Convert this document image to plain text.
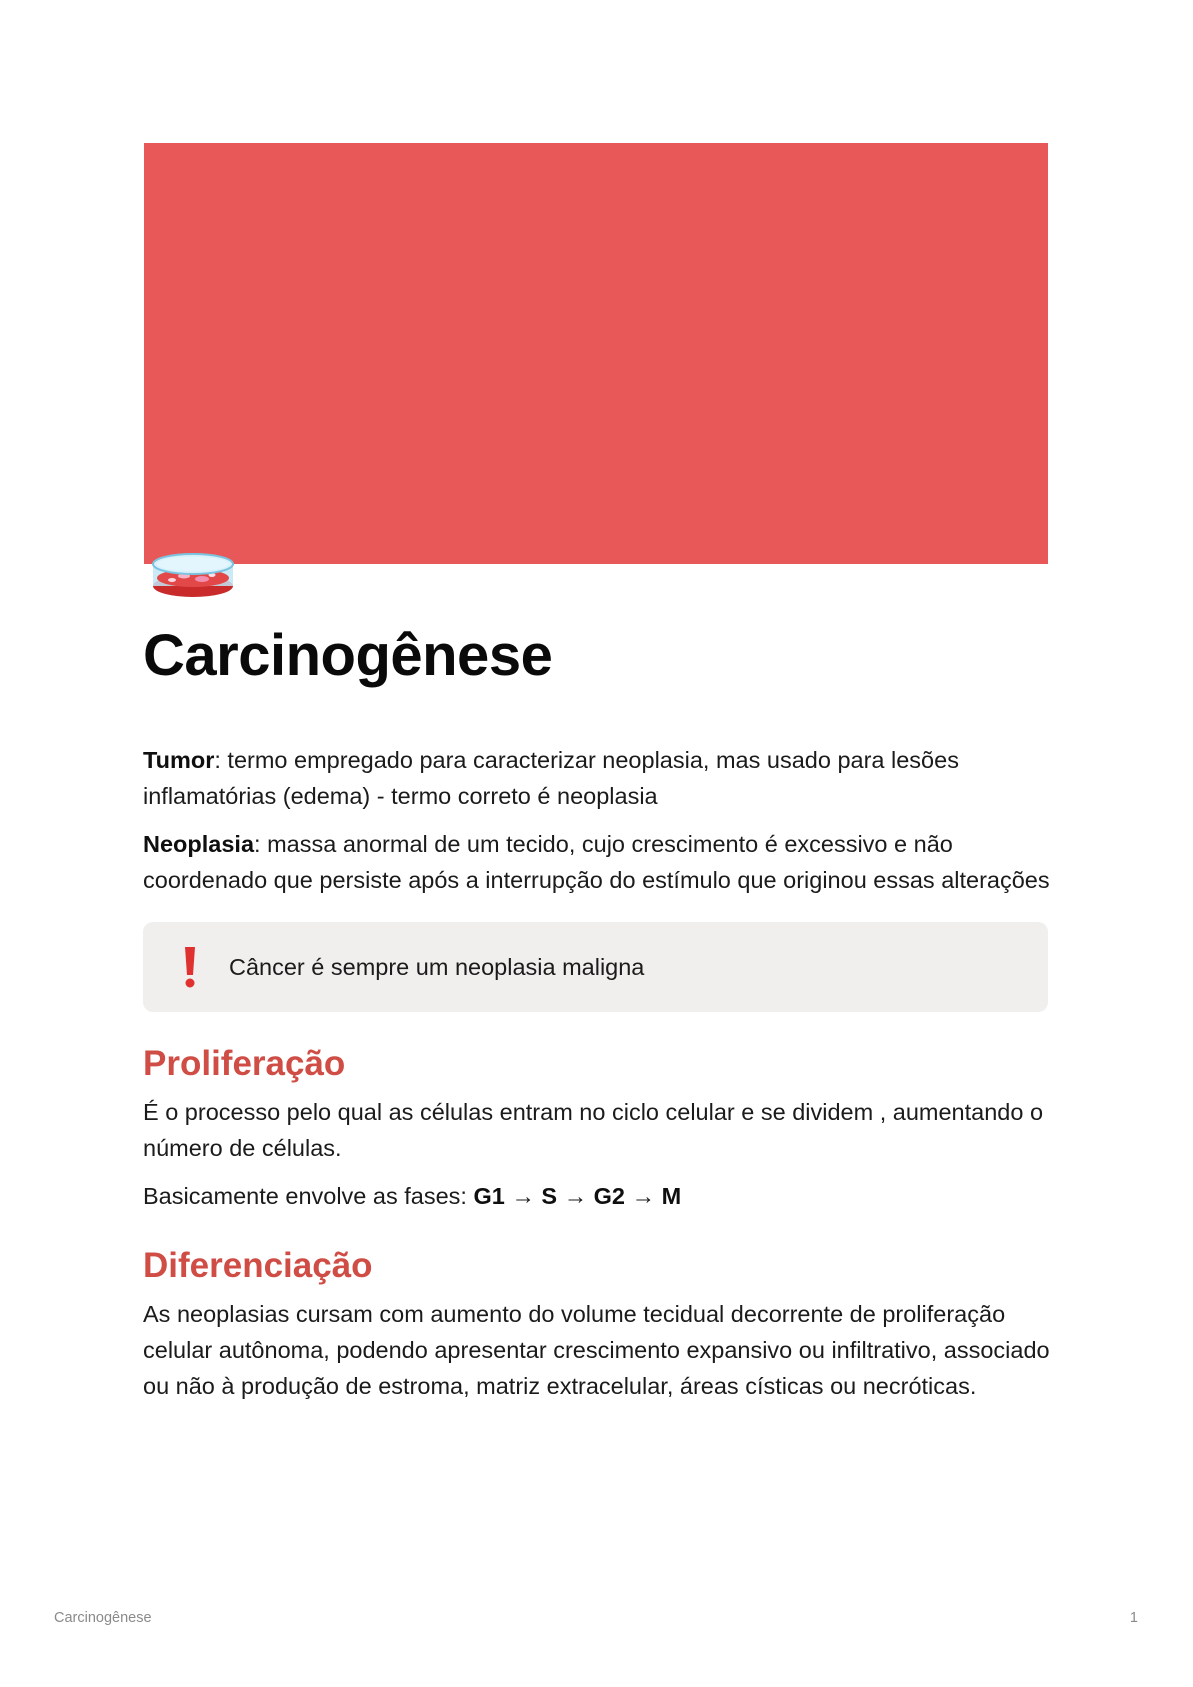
Carcinogênese

Tumor: termo empregado para caracterizar neoplasia, mas usado para lesões inflamatórias (edema) - termo correto é neoplasia

Neoplasia: massa anormal de um tecido, cujo crescimento é excessivo e não coordenado que persiste após a interrupção do estímulo que originou essas alterações

Câncer é sempre um neoplasia maligna
Proliferação

É o processo pelo qual as células entram no ciclo celular e se dividem , aumentando o número de células.

Basicamente envolve as fases: G1 → S → G2 → M

Diferenciação

As neoplasias cursam com aumento do volume tecidual decorrente de proliferação celular autônoma, podendo apresentar crescimento expansivo ou infiltrativo, associado ou não à produção de estroma, matriz extracelular, áreas císticas ou necróticas.

Carcinogênese	1
